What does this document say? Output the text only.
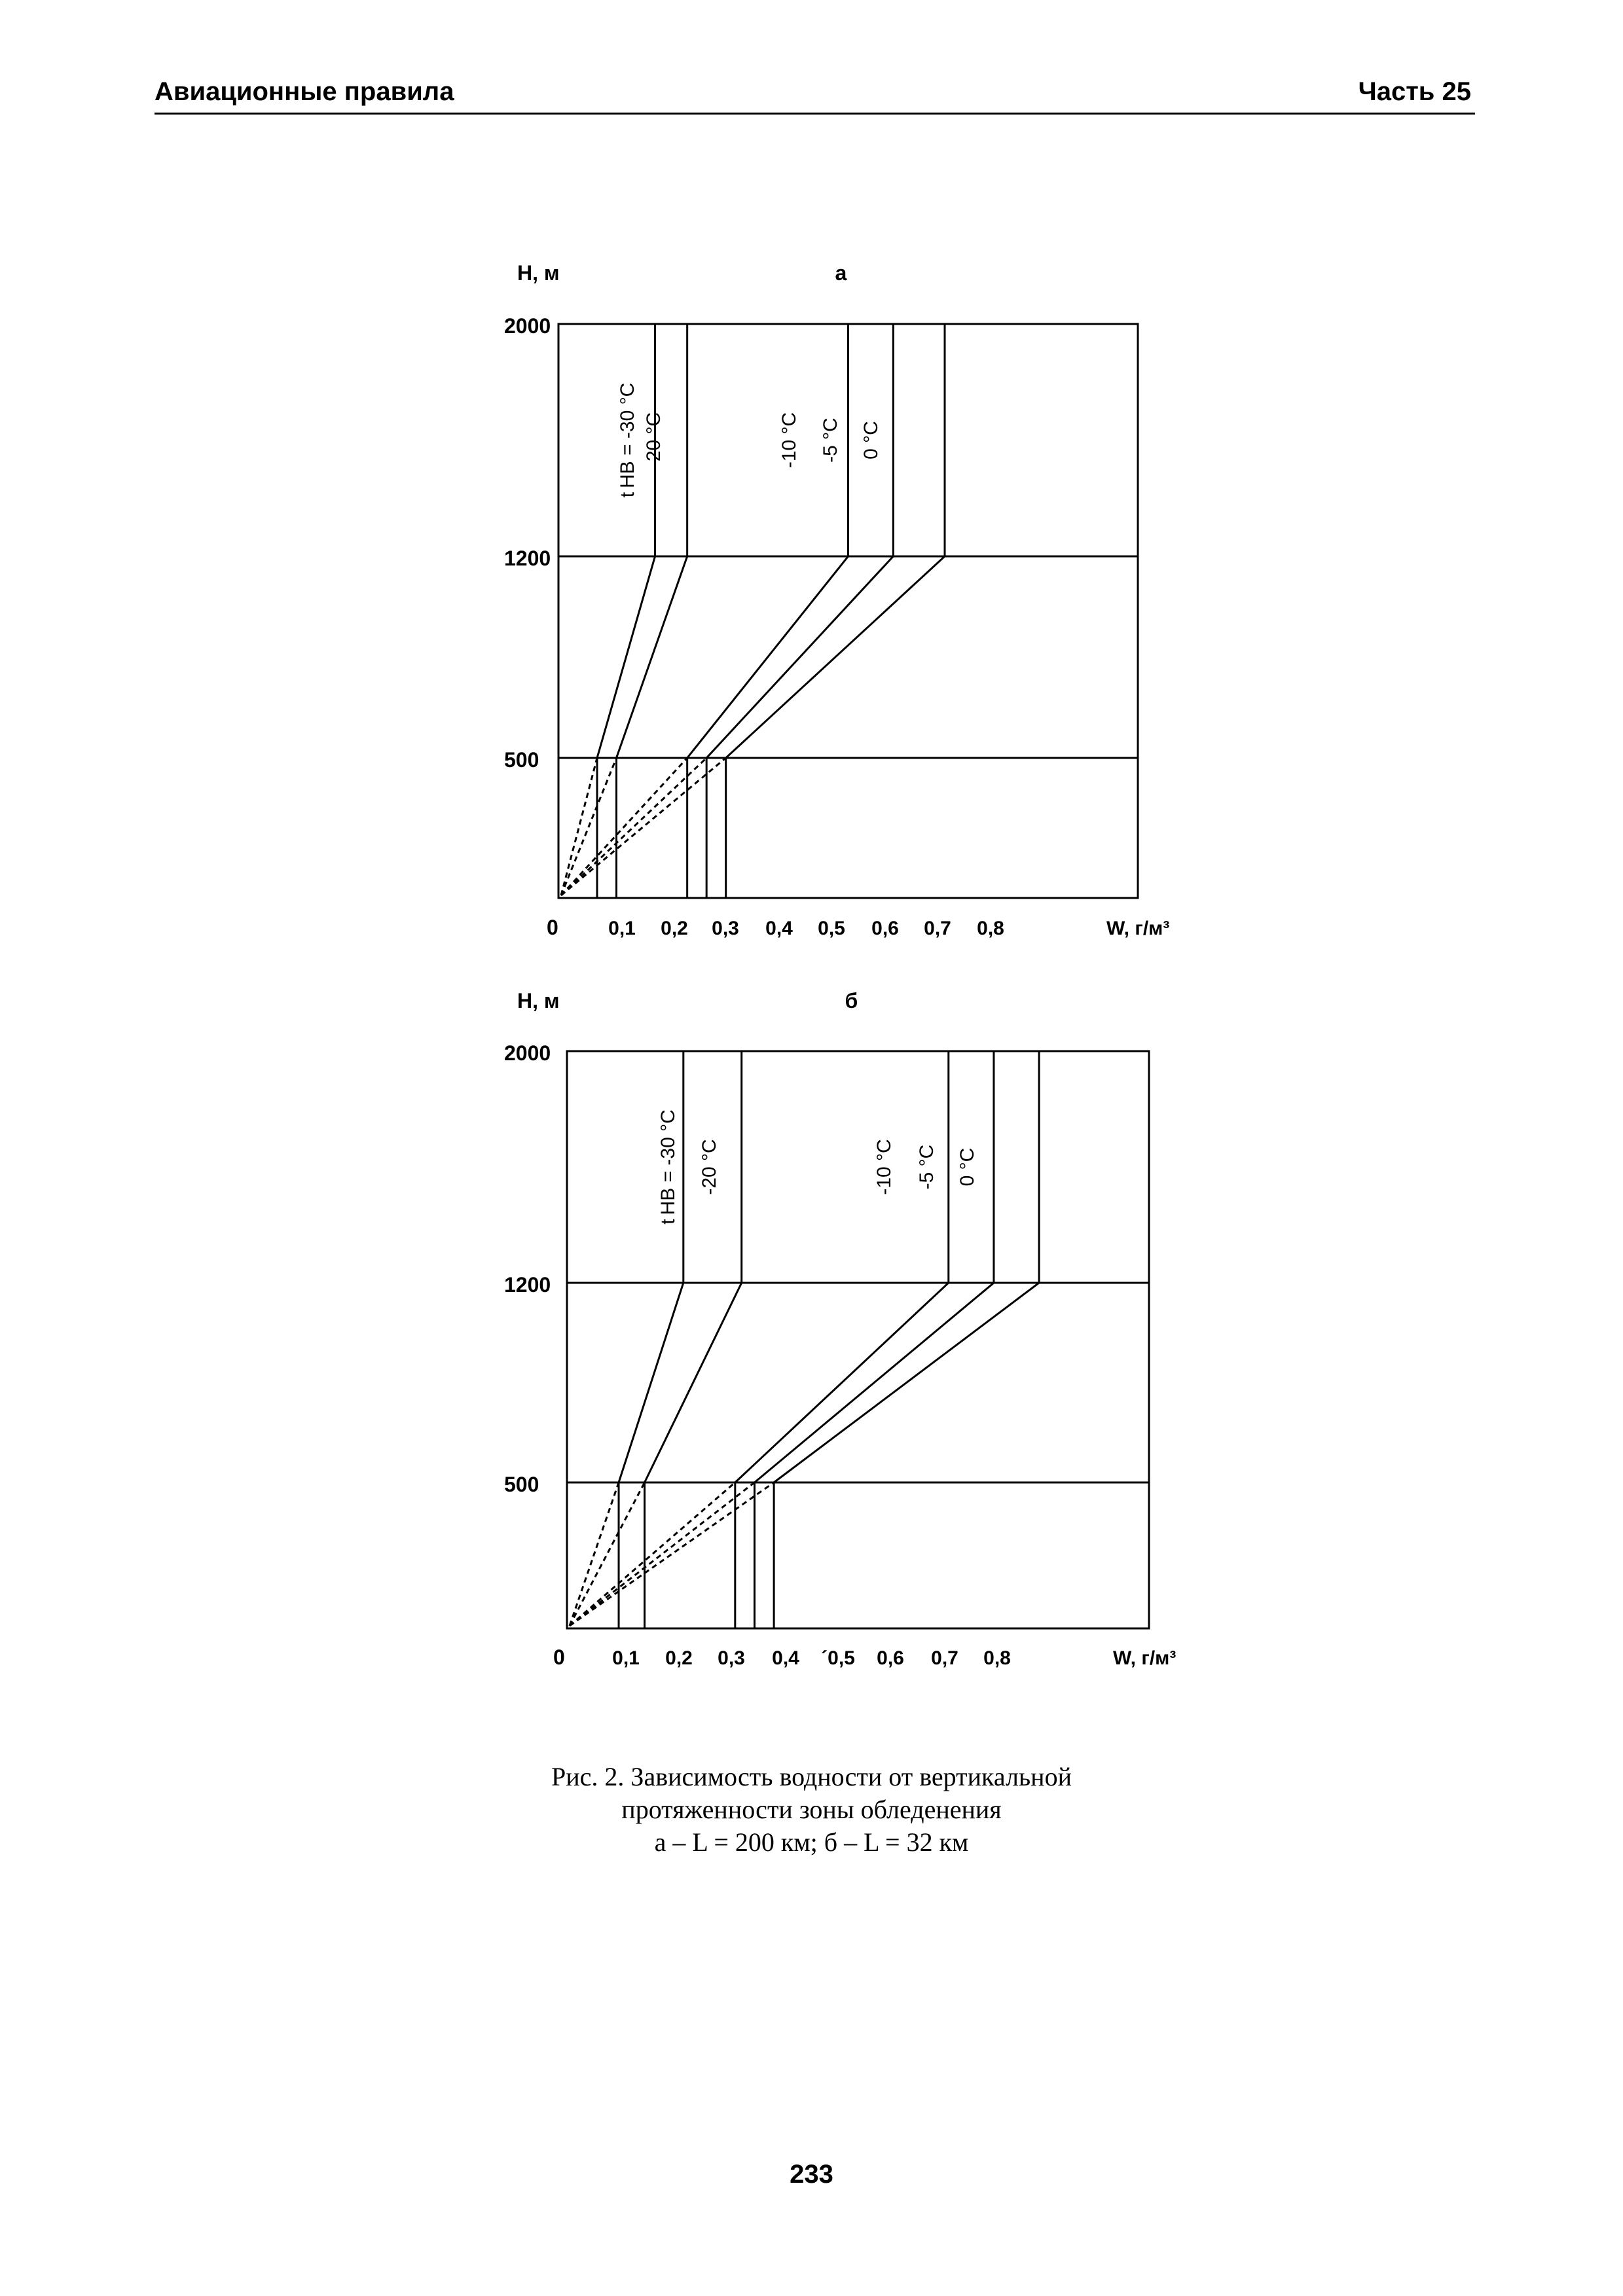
Авиационные правила	Часть 25
2000
1200
500
Н, м	а
0	0,1 0,2 0,3 0,4 0,5 0,6 0,7 0,8	W, г/м³
t НВ = -30 °С -20 °С	-10 °С -5 °С 0 °С
2000
1200
500
Н, м	б
0 0,1 0,2 0,3 0,4 ´0,5 0,6 0,7 0,8	W, г/м³
t НВ = -30 °С -20 °С	-10 °С -5 °С 0 °С
Рис. 2. Зависимость водности от вертикальной
протяженности зоны обледенения
а – L = 200 км; б – L = 32 км
233
